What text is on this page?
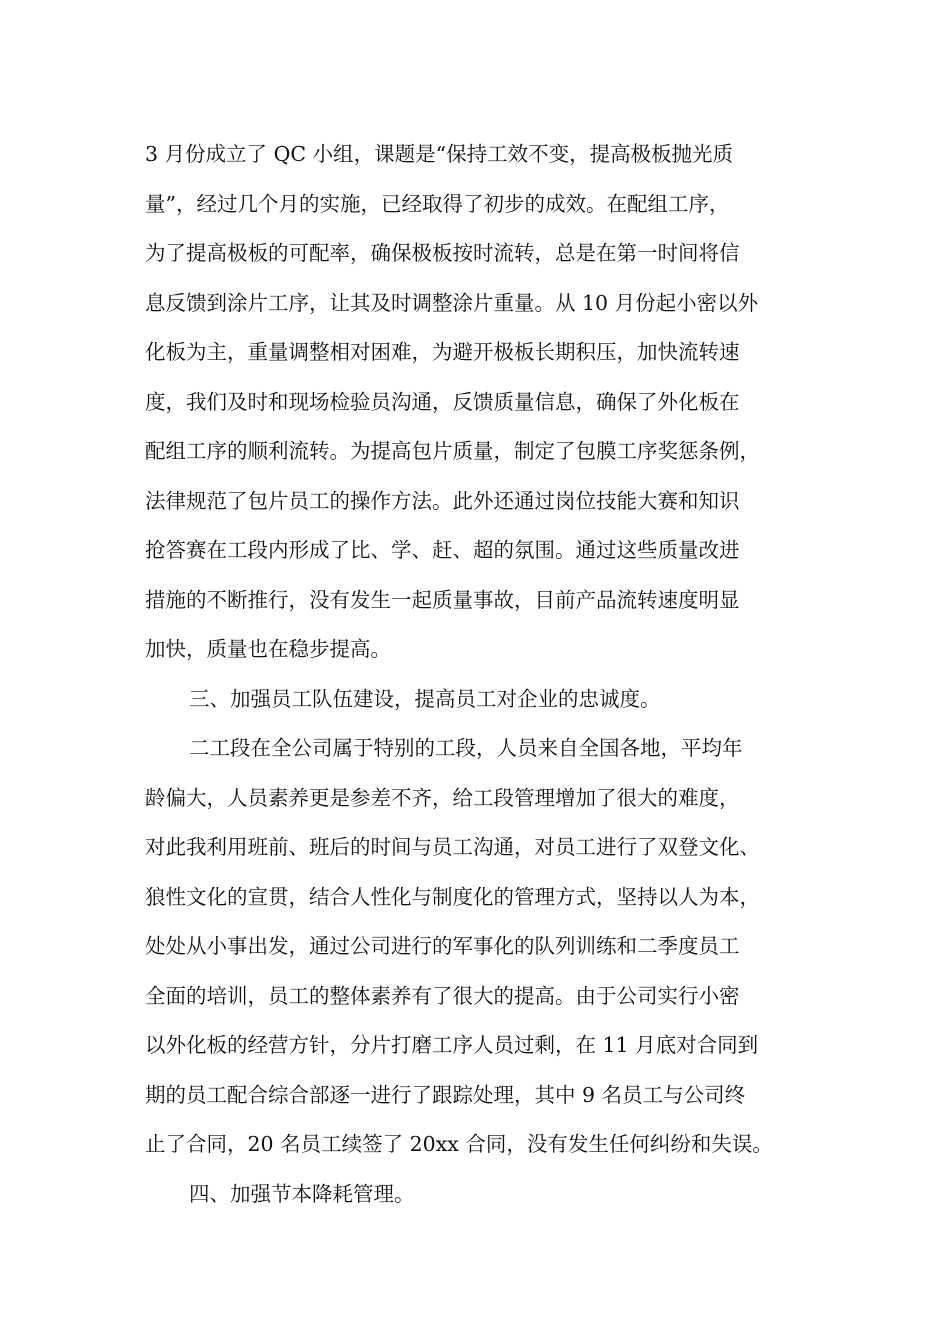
3 月份成立了 QC 小组，课题是“保持工效不变，提高极板抛光质
量”，经过几个月的实施，已经取得了初步的成效。在配组工序，
为了提高极板的可配率，确保极板按时流转，总是在第一时间将信
息反馈到涂片工序，让其及时调整涂片重量。从 10 月份起小密以外
化板为主，重量调整相对困难，为避开极板长期积压，加快流转速
度，我们及时和现场检验员沟通，反馈质量信息，确保了外化板在
配组工序的顺利流转。为提高包片质量，制定了包膜工序奖惩条例，
法律规范了包片员工的操作方法。此外还通过岗位技能大赛和知识
抢答赛在工段内形成了比、学、赶、超的氛围。通过这些质量改进
措施的不断推行，没有发生一起质量事故，目前产品流转速度明显
加快，质量也在稳步提高。
三、加强员工队伍建设，提高员工对企业的忠诚度。
二工段在全公司属于特别的工段，人员来自全国各地，平均年
龄偏大，人员素养更是参差不齐，给工段管理增加了很大的难度，
对此我利用班前、班后的时间与员工沟通，对员工进行了双登文化、
狼性文化的宣贯，结合人性化与制度化的管理方式，坚持以人为本，
处处从小事出发，通过公司进行的军事化的队列训练和二季度员工
全面的培训，员工的整体素养有了很大的提高。由于公司实行小密
以外化板的经营方针，分片打磨工序人员过剩，在 11 月底对合同到
期的员工配合综合部逐一进行了跟踪处理，其中 9 名员工与公司终
止了合同，20 名员工续签了 20xx 合同，没有发生任何纠纷和失误。
四、加强节本降耗管理。
